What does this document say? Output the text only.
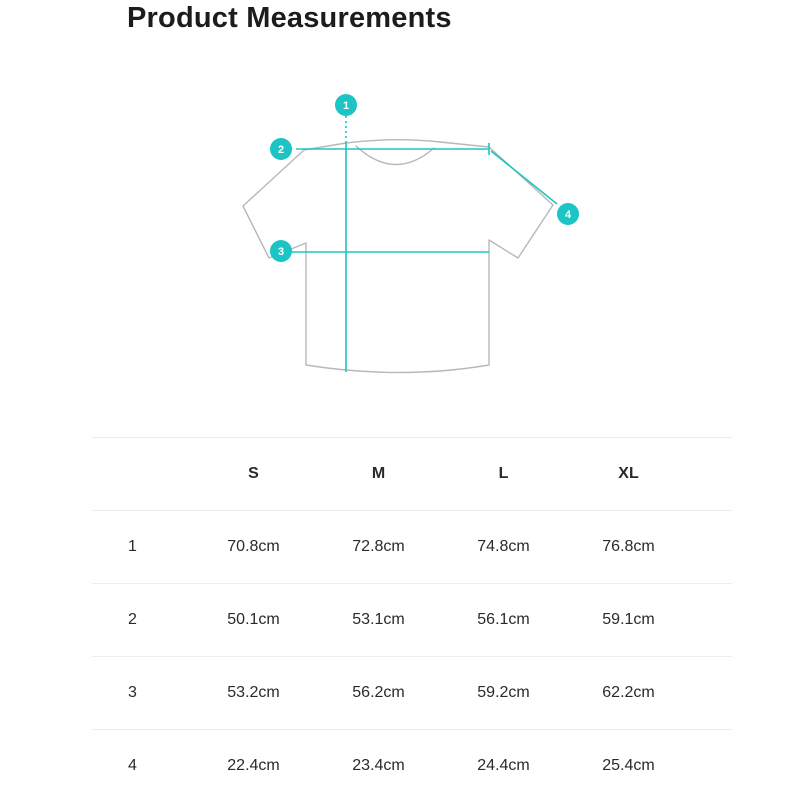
Product Measurements
1
2
3
4
	S	M	L	XL	
1	70.8cm	72.8cm	74.8cm	76.8cm	
2	50.1cm	53.1cm	56.1cm	59.1cm	
3	53.2cm	56.2cm	59.2cm	62.2cm	
4	22.4cm	23.4cm	24.4cm	25.4cm	
